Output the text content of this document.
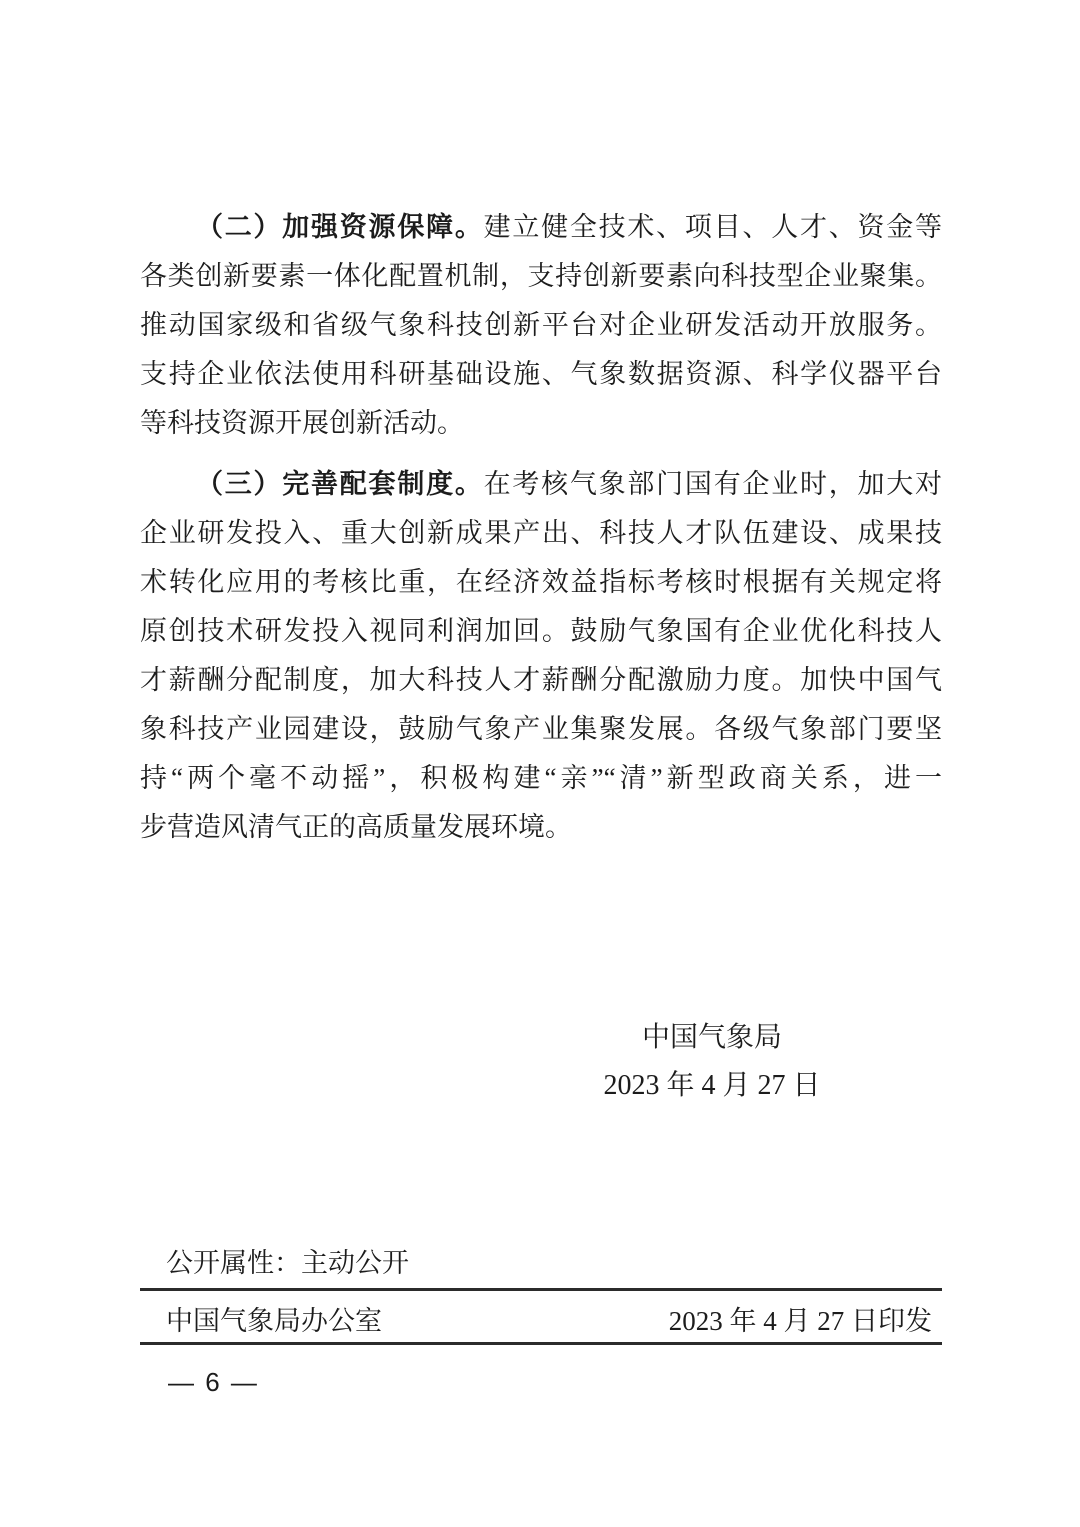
（二）加强资源保障。建立健全技术、项目、人才、资金等
各类创新要素一体化配置机制，支持创新要素向科技型企业聚集。
推动国家级和省级气象科技创新平台对企业研发活动开放服务。
支持企业依法使用科研基础设施、气象数据资源、科学仪器平台
等科技资源开展创新活动。
（三）完善配套制度。在考核气象部门国有企业时，加大对
企业研发投入、重大创新成果产出、科技人才队伍建设、成果技
术转化应用的考核比重，在经济效益指标考核时根据有关规定将
原创技术研发投入视同利润加回。鼓励气象国有企业优化科技人
才薪酬分配制度，加大科技人才薪酬分配激励力度。加快中国气
象科技产业园建设，鼓励气象产业集聚发展。各级气象部门要坚
持“两个毫不动摇”，积极构建“亲”“清”新型政商关系，进一
步营造风清气正的高质量发展环境。
中国气象局
2023 年 4 月 27 日
公开属性：主动公开
中国气象局办公室	2023 年 4 月 27 日印发
— 6 —
